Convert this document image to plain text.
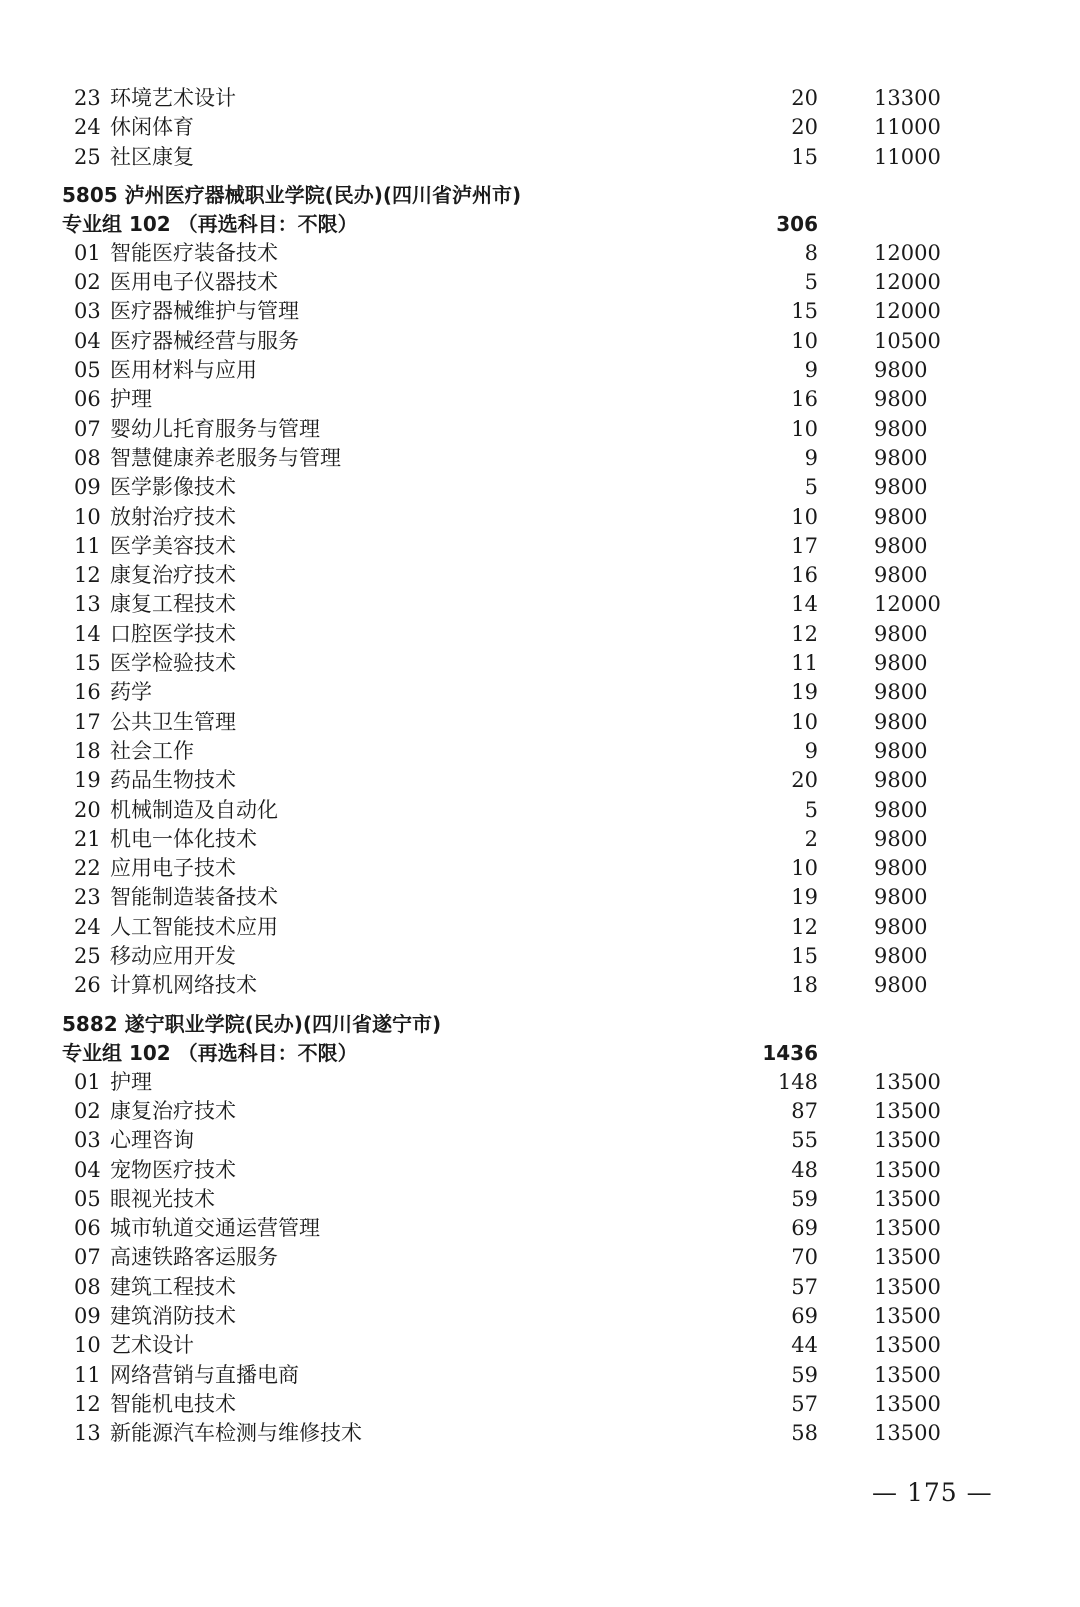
23 环境艺术设计	20	13300
24 休闲体育	20	11000
25 社区康复	15	11000
5805 泸州医疗器械职业学院(民办)(四川省泸州市)
专业组 102 （再选科目：不限）	306
01 智能医疗装备技术	8	12000
02 医用电子仪器技术	5	12000
03 医疗器械维护与管理	15	12000
04 医疗器械经营与服务	10	10500
05 医用材料与应用	9	9800
06 护理	16	9800
07 婴幼儿托育服务与管理	10	9800
08 智慧健康养老服务与管理	9	9800
09 医学影像技术	5	9800
10 放射治疗技术	10	9800
11 医学美容技术	17	9800
12 康复治疗技术	16	9800
13 康复工程技术	14	12000
14 口腔医学技术	12	9800
15 医学检验技术	11	9800
16 药学	19	9800
17 公共卫生管理	10	9800
18 社会工作	9	9800
19 药品生物技术	20	9800
20 机械制造及自动化	5	9800
21 机电一体化技术	2	9800
22 应用电子技术	10	9800
23 智能制造装备技术	19	9800
24 人工智能技术应用	12	9800
25 移动应用开发	15	9800
26 计算机网络技术	18	9800
5882 遂宁职业学院(民办)(四川省遂宁市)
专业组 102 （再选科目：不限）	1436
01 护理	148	13500
02 康复治疗技术	87	13500
03 心理咨询	55	13500
04 宠物医疗技术	48	13500
05 眼视光技术	59	13500
06 城市轨道交通运营管理	69	13500
07 高速铁路客运服务	70	13500
08 建筑工程技术	57	13500
09 建筑消防技术	69	13500
10 艺术设计	44	13500
11 网络营销与直播电商	59	13500
12 智能机电技术	57	13500
13 新能源汽车检测与维修技术	58	13500
— 175 —
